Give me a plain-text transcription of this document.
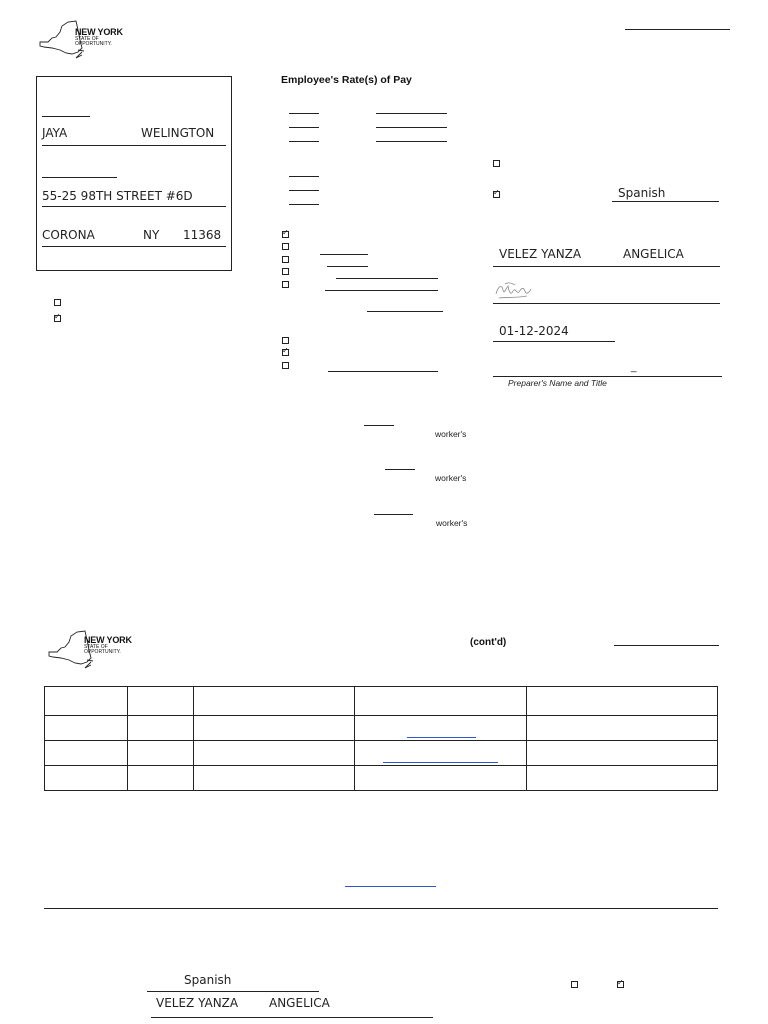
NEW YORK
STATE OF
OPPORTUNITY.
JAYA	WELINGTON
55-25 98TH STREET #6D
CORONA	NY 11368
✓
Employee's Rate(s) of Pay
✓
✓
worker's
worker's
worker's
✓
Spanish
VELEZ YANZA	ANGELICA
01-12-2024
_
Preparer's Name and Title
NEW YORK
STATE OF
OPPORTUNITY.
(cont'd)

Spanish
VELEZ YANZA	ANGELICA
✓
